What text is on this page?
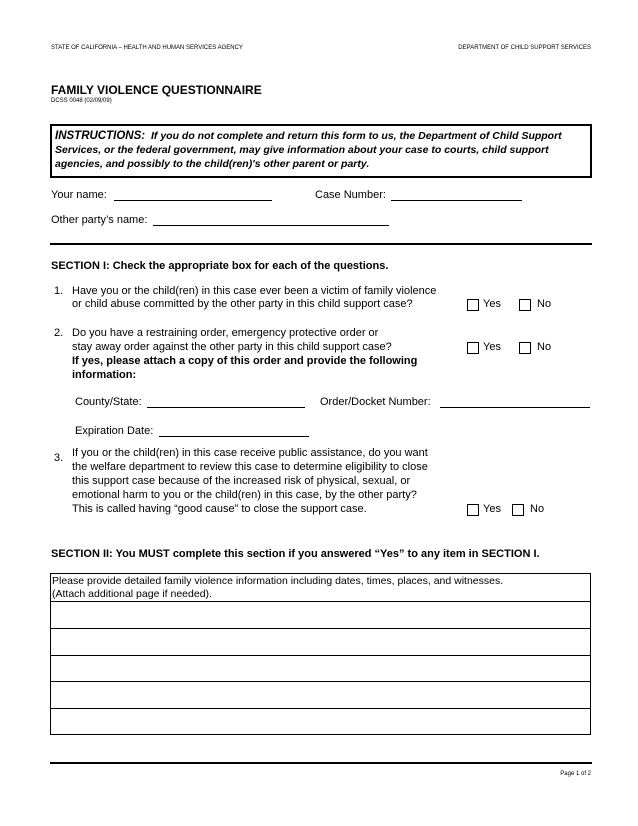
STATE OF CALIFORNIA – HEALTH AND HUMAN SERVICES AGENCY	DEPARTMENT OF CHILD SUPPORT SERVICES
FAMILY VIOLENCE QUESTIONNAIRE
DCSS 0048 (02/09/09)
INSTRUCTIONS: If you do not complete and return this form to us, the Department of Child Support
Services, or the federal government, may give information about your case to courts, child support
agencies, and possibly to the child(ren)'s other parent or party.
Your name:	Case Number:
Other party’s name:
SECTION I: Check the appropriate box for each of the questions.
1. Have you or the child(ren) in this case ever been a victim of family violence
or child abuse committed by the other party in this child support case?	Yes	No
2. Do you have a restraining order, emergency protective order or
stay away order against the other party in this child support case?
If yes, please attach a copy of this order and provide the following
information:
Yes	No
County/State:	Order/Docket Number:
Expiration Date:
3. If you or the child(ren) in this case receive public assistance, do you want
the welfare department to review this case to determine eligibility to close
this support case because of the increased risk of physical, sexual, or
emotional harm to you or the child(ren) in this case, by the other party?
This is called having “good cause” to close the support case.	Yes	No
SECTION II: You MUST complete this section if you answered “Yes” to any item in SECTION I.
Please provide detailed family violence information including dates, times, places, and witnesses.
(Attach additional page if needed).
Page 1 of 2
